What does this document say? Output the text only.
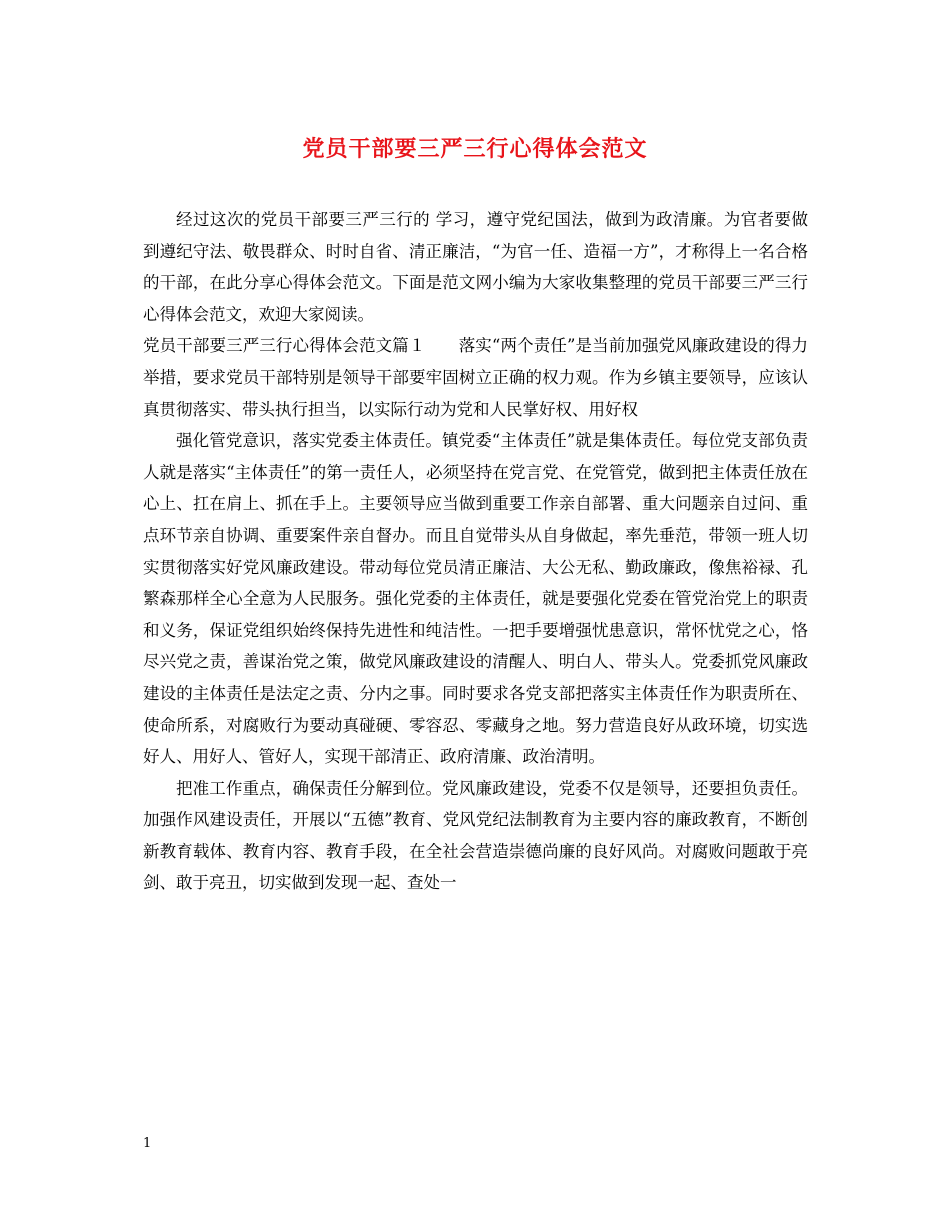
党员干部要三严三行心得体会范文

经过这次的党员干部要三严三行的 学习，遵守党纪国法，做到为政清廉。为官者要做到遵纪守法、敬畏群众、时时自省、清正廉洁，“为官一任、造福一方”，才称得上一名合格的干部，在此分享心得体会范文。下面是范文网小编为大家收集整理的党员干部要三严三行心得体会范文，欢迎大家阅读。

党员干部要三严三行心得体会范文篇１　　落实“两个责任”是当前加强党风廉政建设的得力举措，要求党员干部特别是领导干部要牢固树立正确的权力观。作为乡镇主要领导，应该认真贯彻落实、带头执行担当，以实际行动为党和人民掌好权、用好权

强化管党意识，落实党委主体责任。镇党委“主体责任”就是集体责任。每位党支部负责人就是落实“主体责任”的第一责任人，必须坚持在党言党、在党管党，做到把主体责任放在心上、扛在肩上、抓在手上。主要领导应当做到重要工作亲自部署、重大问题亲自过问、重点环节亲自协调、重要案件亲自督办。而且自觉带头从自身做起，率先垂范，带领一班人切实贯彻落实好党风廉政建设。带动每位党员清正廉洁、大公无私、勤政廉政，像焦裕禄、孔繁森那样全心全意为人民服务。强化党委的主体责任，就是要强化党委在管党治党上的职责和义务，保证党组织始终保持先进性和纯洁性。一把手要增强忧患意识，常怀忧党之心，恪尽兴党之责，善谋治党之策，做党风廉政建设的清醒人、明白人、带头人。党委抓党风廉政建设的主体责任是法定之责、分内之事。同时要求各党支部把落实主体责任作为职责所在、使命所系，对腐败行为要动真碰硬、零容忍、零藏身之地。努力营造良好从政环境，切实选好人、用好人、管好人，实现干部清正、政府清廉、政治清明。

把准工作重点，确保责任分解到位。党风廉政建设，党委不仅是领导，还要担负责任。加强作风建设责任，开展以“五德”教育、党风党纪法制教育为主要内容的廉政教育，不断创新教育载体、教育内容、教育手段，在全社会营造崇德尚廉的良好风尚。对腐败问题敢于亮剑、敢于亮丑，切实做到发现一起、查处一

1
